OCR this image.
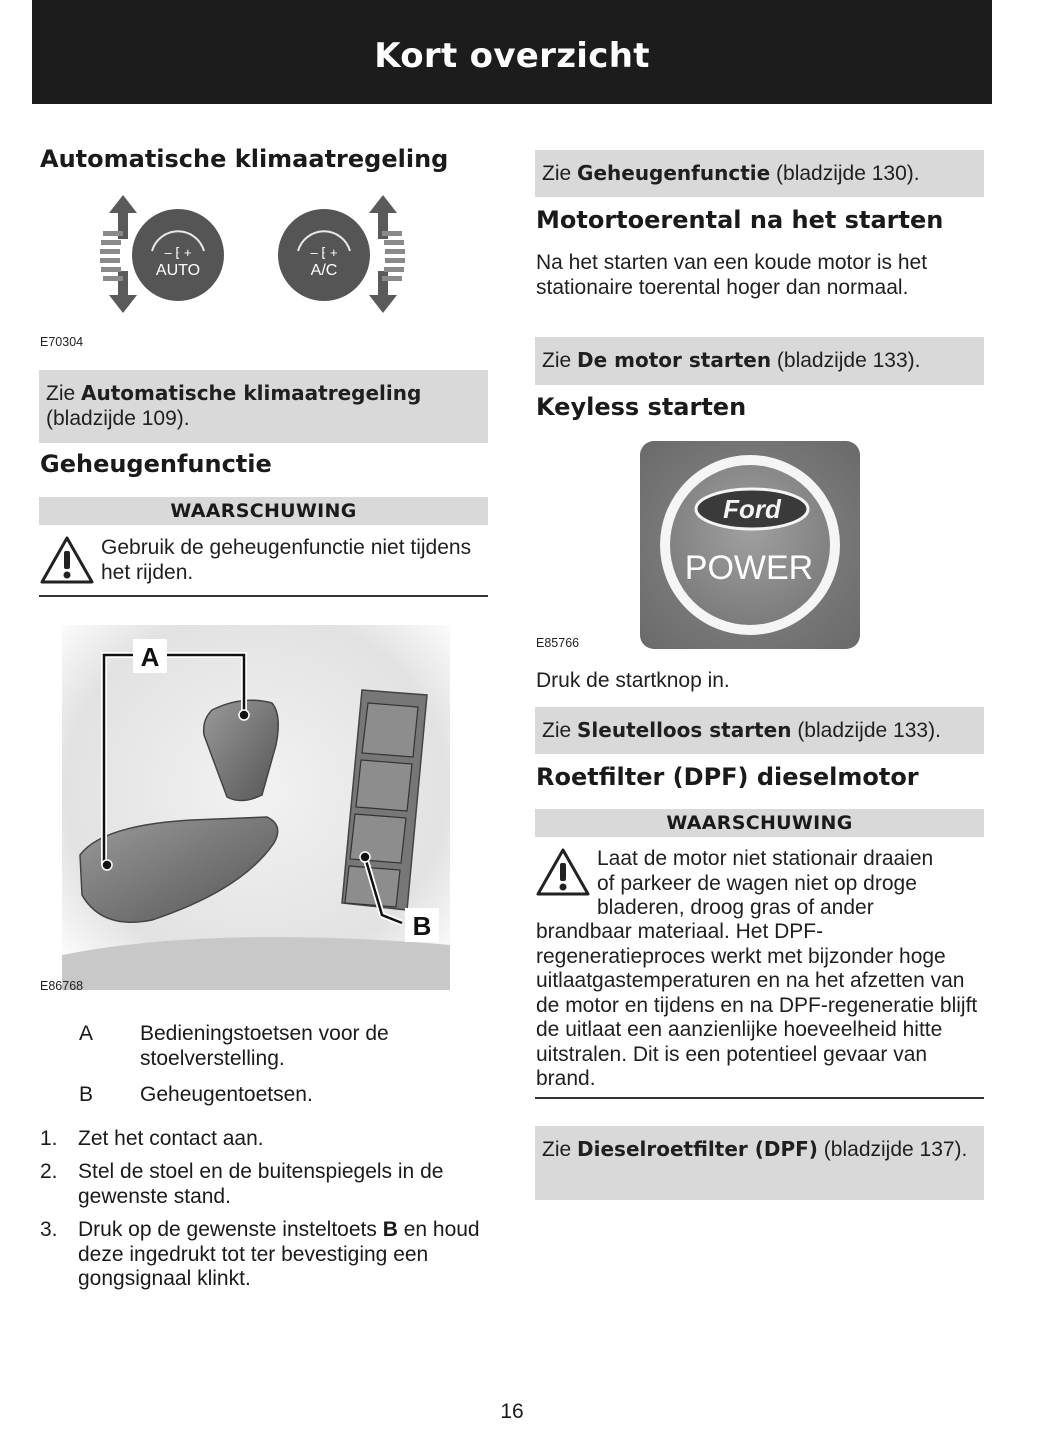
Kort overzicht
Automatische klimaatregeling
– ⁅ +
AUTO
– ⁅ +
A/C
E70304
Zie Automatische klimaatregeling
(bladzijde 109).
Geheugenfunctie
WAARSCHUWING

Gebruik de geheugenfunctie niet tijdens het rijden.

A
B
E86768
A Bedieningstoetsen voor de stoelverstelling.
B Geheugentoetsen.
1. Zet het contact aan.
2. Stel de stoel en de buitenspiegels in de gewenste stand.
3. Druk op de gewenste insteltoets B en houd deze ingedrukt tot ter bevestiging een gongsignaal klinkt.
Zie Geheugenfunctie (bladzijde 130).
Motortoerental na het starten

Na het starten van een koude motor is het stationaire toerental hoger dan normaal.

Zie De motor starten (bladzijde 133).
Keyless starten
Ford
POWER
E85766

Druk de startknop in.

Zie Sleutelloos starten (bladzijde 133).
Roetfilter (DPF) dieselmotor
WAARSCHUWING
Laat de motor niet stationair draaien
of parkeer de wagen niet op droge
bladeren, droog gras of ander

brandbaar materiaal. Het DPF-regeneratieproces werkt met bijzonder hoge uitlaatgastemperaturen en na het afzetten van de motor en tijdens en na DPF-regeneratie blijft de uitlaat een aanzienlijke hoeveelheid hitte uitstralen. Dit is een potentieel gevaar van brand.

Zie Dieselroetfilter (DPF) (bladzijde 137).
16
